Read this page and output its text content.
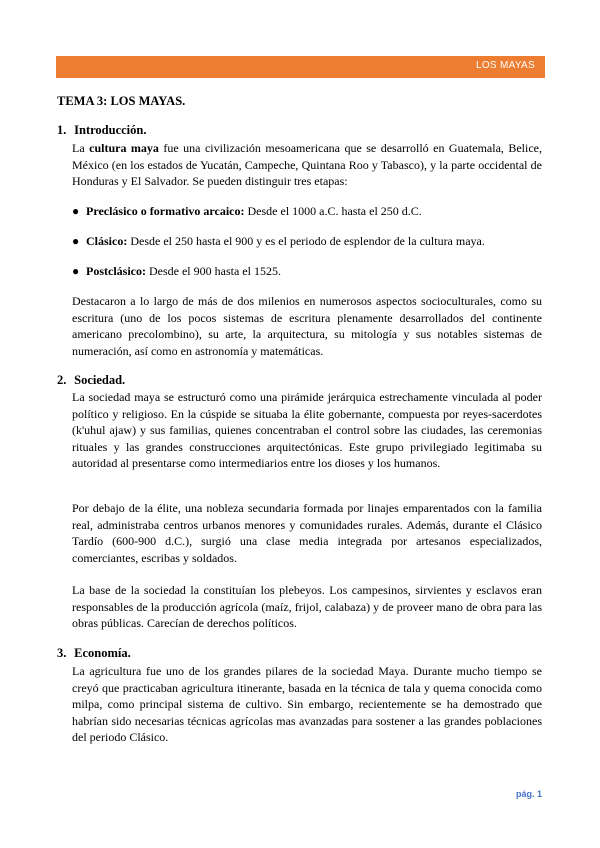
LOS MAYAS
TEMA 3: LOS MAYAS.
1. Introducción.
La cultura maya fue una civilización mesoamericana que se desarrolló en Guatemala, Belice, México (en los estados de Yucatán, Campeche, Quintana Roo y Tabasco), y la parte occidental de Honduras y El Salvador. Se pueden distinguir tres etapas:
● Preclásico o formativo arcaico: Desde el 1000 a.C. hasta el 250 d.C.
● Clásico: Desde el 250 hasta el 900 y es el periodo de esplendor de la cultura maya.
● Postclásico: Desde el 900 hasta el 1525.
Destacaron a lo largo de más de dos milenios en numerosos aspectos socioculturales, como su escritura (uno de los pocos sistemas de escritura plenamente desarrollados del continente americano precolombino), su arte, la arquitectura, su mitología y sus notables sistemas de numeración, así como en astronomía y matemáticas.
2. Sociedad.
La sociedad maya se estructuró como una pirámide jerárquica estrechamente vinculada al poder político y religioso. En la cúspide se situaba la élite gobernante, compuesta por reyes-sacerdotes (k'uhul ajaw) y sus familias, quienes concentraban el control sobre las ciudades, las ceremonias rituales y las grandes construcciones arquitectónicas. Este grupo privilegiado legitimaba su autoridad al presentarse como intermediarios entre los dioses y los humanos.
Por debajo de la élite, una nobleza secundaria formada por linajes emparentados con la familia real, administraba centros urbanos menores y comunidades rurales. Además, durante el Clásico Tardío (600-900 d.C.), surgió una clase media integrada por artesanos especializados, comerciantes, escribas y soldados.
La base de la sociedad la constituían los plebeyos. Los campesinos, sirvientes y esclavos eran responsables de la producción agrícola (maíz, frijol, calabaza) y de proveer mano de obra para las obras públicas. Carecían de derechos políticos.
3. Economía.
La agricultura fue uno de los grandes pilares de la sociedad Maya. Durante mucho tiempo se creyó que practicaban agricultura itinerante, basada en la técnica de tala y quema conocida como milpa, como principal sistema de cultivo. Sin embargo, recientemente se ha demostrado que habrían sido necesarias técnicas agrícolas mas avanzadas para sostener a las grandes poblaciones del periodo Clásico.
pág. 1
